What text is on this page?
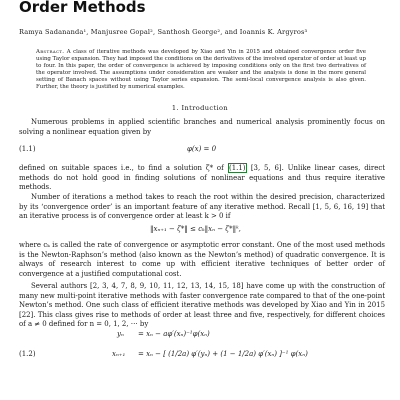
Order Methods
Ramya Sadananda¹, Manjusree Gopal², Santhosh George², and Ioannis K. Argyros³

Abstract. A class of iterative methods was developed by Xiao and Yin in 2015 and obtained convergence order five using Taylor expansion. They had imposed the conditions on the derivatives of the involved operator of order at least up to four. In this paper, the order of convergence is achieved by imposing conditions only on the first two derivatives of the operator involved. The assumptions under consideration are weaker and the analysis is done in the more general setting of Banach spaces without using Taylor series expansion. The semi-local convergence analysis is also given. Further, the theory is justified by numerical examples.

1. Introduction

Numerous problems in applied scientific branches and numerical analysis prominently focus on solving a nonlinear equation given by

(1.1)	φ(x) = 0

defined on suitable spaces i.e., to find a solution ζ* of (1.1) [3, 5, 6]. Unlike linear cases, direct methods do not hold good in finding solutions of nonlinear equations and thus require iterative methods.

Number of iterations a method takes to reach the root within the desired precision, characterized by its ‘convergence order’ is an important feature of any iterative method. Recall [1, 5, 6, 16, 19] that an iterative process is of convergence order at least k > 0 if

‖xₙ₊₁ − ζ*‖ ≤ cₖ‖xₙ − ζ*‖ᵏ,

where cₖ is called the rate of convergence or asymptotic error constant. One of the most used methods is the Newton-Raphson’s method (also known as the Newton’s method) of quadratic convergence. It is always of research interest to come up with efficient iterative techniques of better order of convergence at a justified computational cost.

Several authors [2, 3, 4, 7, 8, 9, 10, 11, 12, 13, 14, 15, 18] have come up with the construction of many new multi-point iterative methods with faster convergence rate compared to that of the one-point Newton’s method. One such class of efficient iterative methods was developed by Xiao and Yin in 2015 [22]. This class gives rise to methods of order at least three and five, respectively, for different choices of a ≠ 0 defined for n = 0, 1, 2, ⋯ by

yₙ = xₙ − aφ′(xₙ)⁻¹φ(xₙ)
(1.2)	xₙ₊₁ = xₙ − [ (1/2a) φ′(yₙ) + (1 − 1/2a) φ′(xₙ) ]⁻¹ φ(xₙ)
